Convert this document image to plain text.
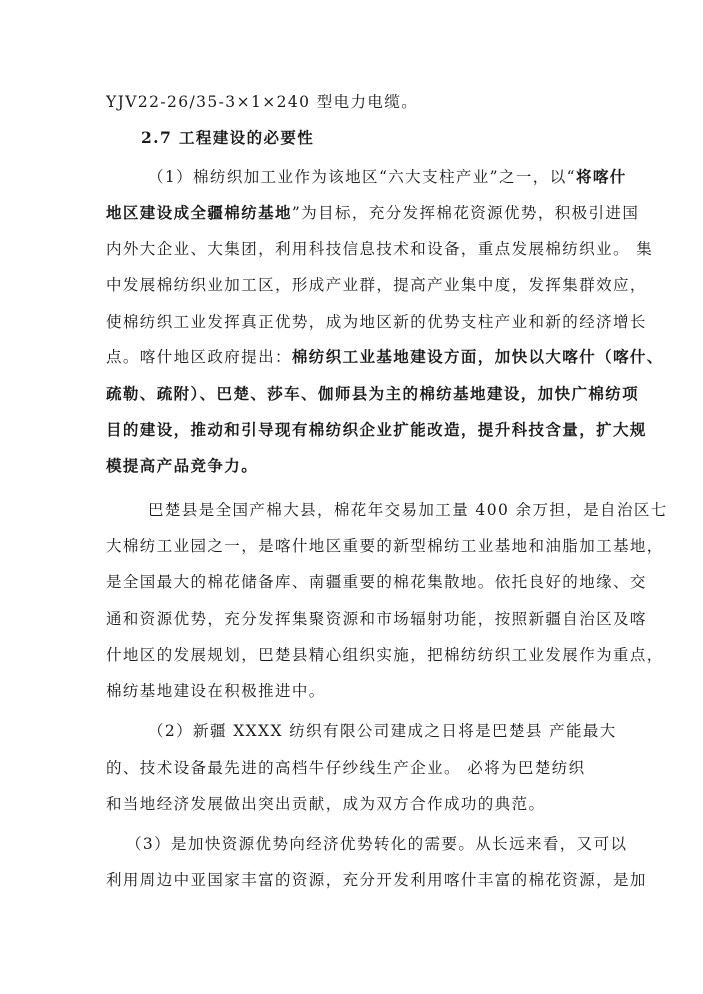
YJV22-26/35-3×1×240 型电力电缆。
2.7 工程建设的必要性
（1）棉纺织加工业作为该地区“六大支柱产业”之一，以“将喀什
地区建设成全疆棉纺基地”为目标，充分发挥棉花资源优势，积极引进国
内外大企业、大集团，利用科技信息技术和设备，重点发展棉纺织业。 集
中发展棉纺织业加工区，形成产业群，提高产业集中度，发挥集群效应，
使棉纺织工业发挥真正优势，成为地区新的优势支柱产业和新的经济增长
点。喀什地区政府提出：棉纺织工业基地建设方面，加快以大喀什（喀什、
疏勒、疏附）、巴楚、莎车、伽师县为主的棉纺基地建设，加快广棉纺项
目的建设，推动和引导现有棉纺织企业扩能改造，提升科技含量，扩大规
模提高产品竞争力。
巴楚县是全国产棉大县，棉花年交易加工量 400 余万担，是自治区七
大棉纺工业园之一，是喀什地区重要的新型棉纺工业基地和油脂加工基地，
是全国最大的棉花储备库、南疆重要的棉花集散地。依托良好的地缘、交
通和资源优势，充分发挥集聚资源和市场辐射功能，按照新疆自治区及喀
什地区的发展规划，巴楚县精心组织实施，把棉纺纺织工业发展作为重点，
棉纺基地建设在积极推进中。
（2）新疆 XXXX 纺织有限公司建成之日将是巴楚县 产能最大
的、技术设备最先进的高档牛仔纱线生产企业。 必将为巴楚纺织
和当地经济发展做出突出贡献，成为双方合作成功的典范。
（3）是加快资源优势向经济优势转化的需要。从长远来看，又可以
利用周边中亚国家丰富的资源，充分开发利用喀什丰富的棉花资源，是加
